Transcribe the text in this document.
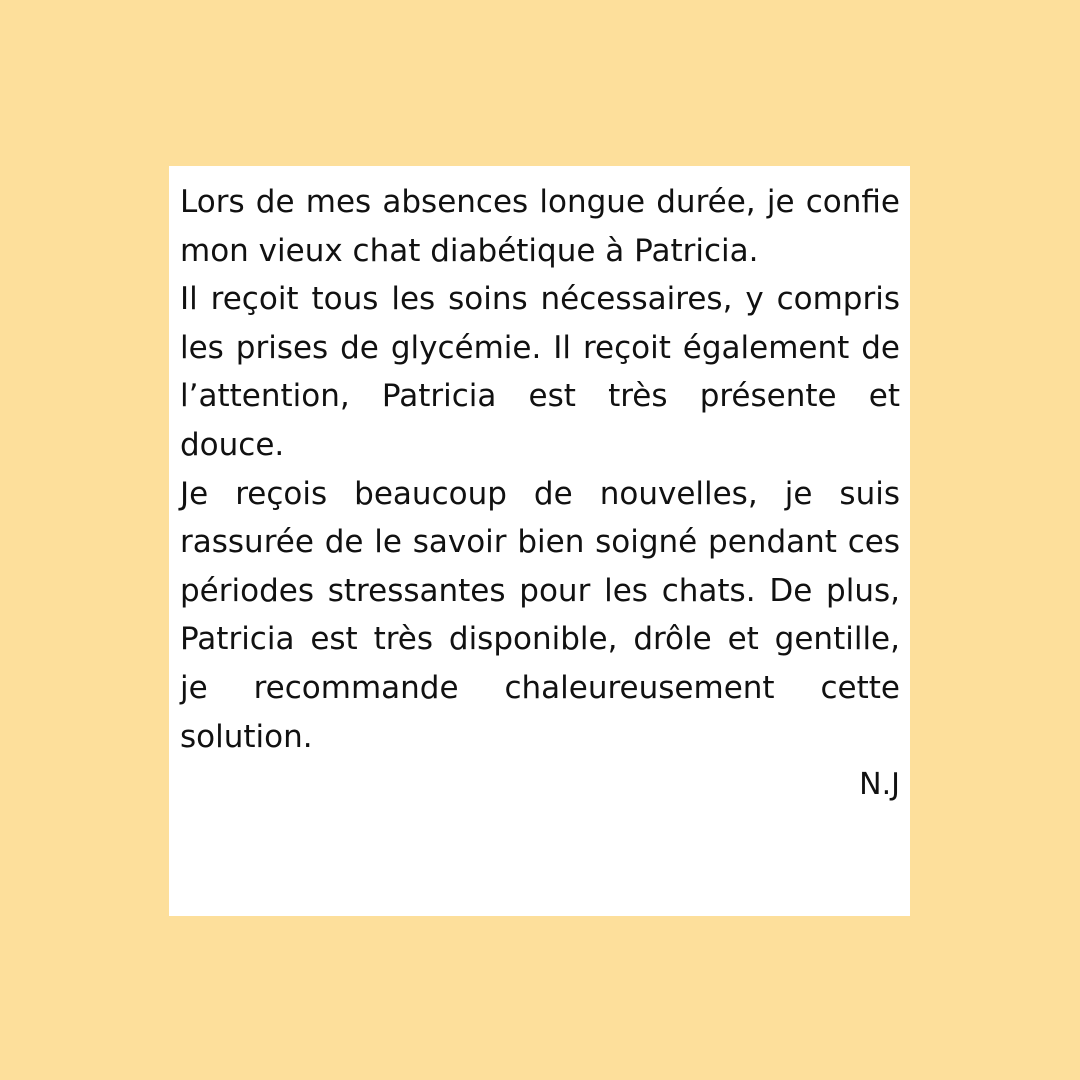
Lors de mes absences longue durée, je confie mon vieux chat diabétique à Patricia.

Il reçoit tous les soins nécessaires, y compris les prises de glycémie. Il reçoit également de l’attention, Patricia est très présente et douce.

Je reçois beaucoup de nouvelles, je suis rassurée de le savoir bien soigné pendant ces périodes stressantes pour les chats. De plus, Patricia est très disponible, drôle et gentille, je recommande chaleureusement cette solution.

N.J
